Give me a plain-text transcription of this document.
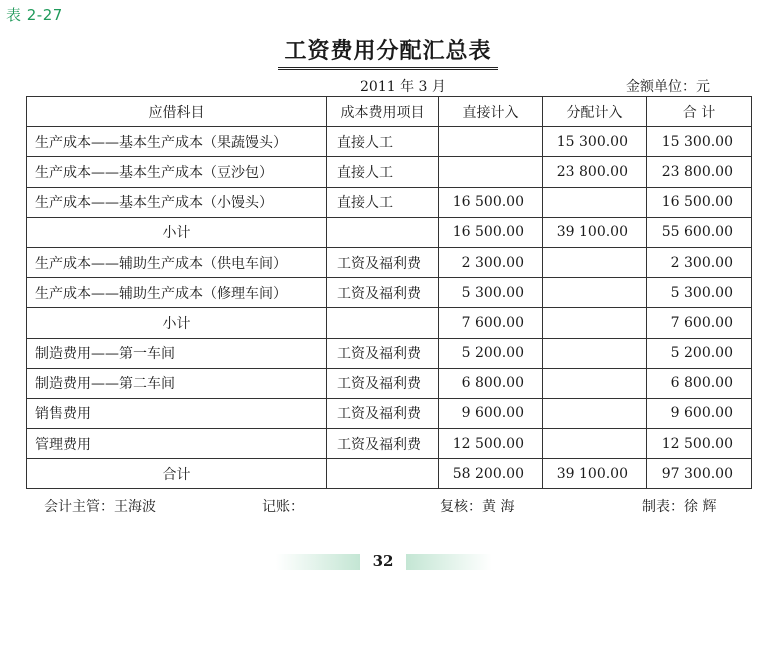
表 2-27
工资费用分配汇总表
2011 年 3 月	金额单位：元
应借科目	成本费用项目	直接计入	分配计入	合 计
生产成本——基本生产成本（果蔬馒头）	直接人工		15 300.00	15 300.00
生产成本——基本生产成本（豆沙包）	直接人工		23 800.00	23 800.00
生产成本——基本生产成本（小馒头）	直接人工	16 500.00		16 500.00
小计		16 500.00	39 100.00	55 600.00
生产成本——辅助生产成本（供电车间）	工资及福利费	2 300.00		2 300.00
生产成本——辅助生产成本（修理车间）	工资及福利费	5 300.00		5 300.00
小计		7 600.00		7 600.00
制造费用——第一车间	工资及福利费	5 200.00		5 200.00
制造费用——第二车间	工资及福利费	6 800.00		6 800.00
销售费用	工资及福利费	9 600.00		9 600.00
管理费用	工资及福利费	12 500.00		12 500.00
合计		58 200.00	39 100.00	97 300.00
会计主管：王海波	记账：	复核：黄 海	制表：徐 辉
32
